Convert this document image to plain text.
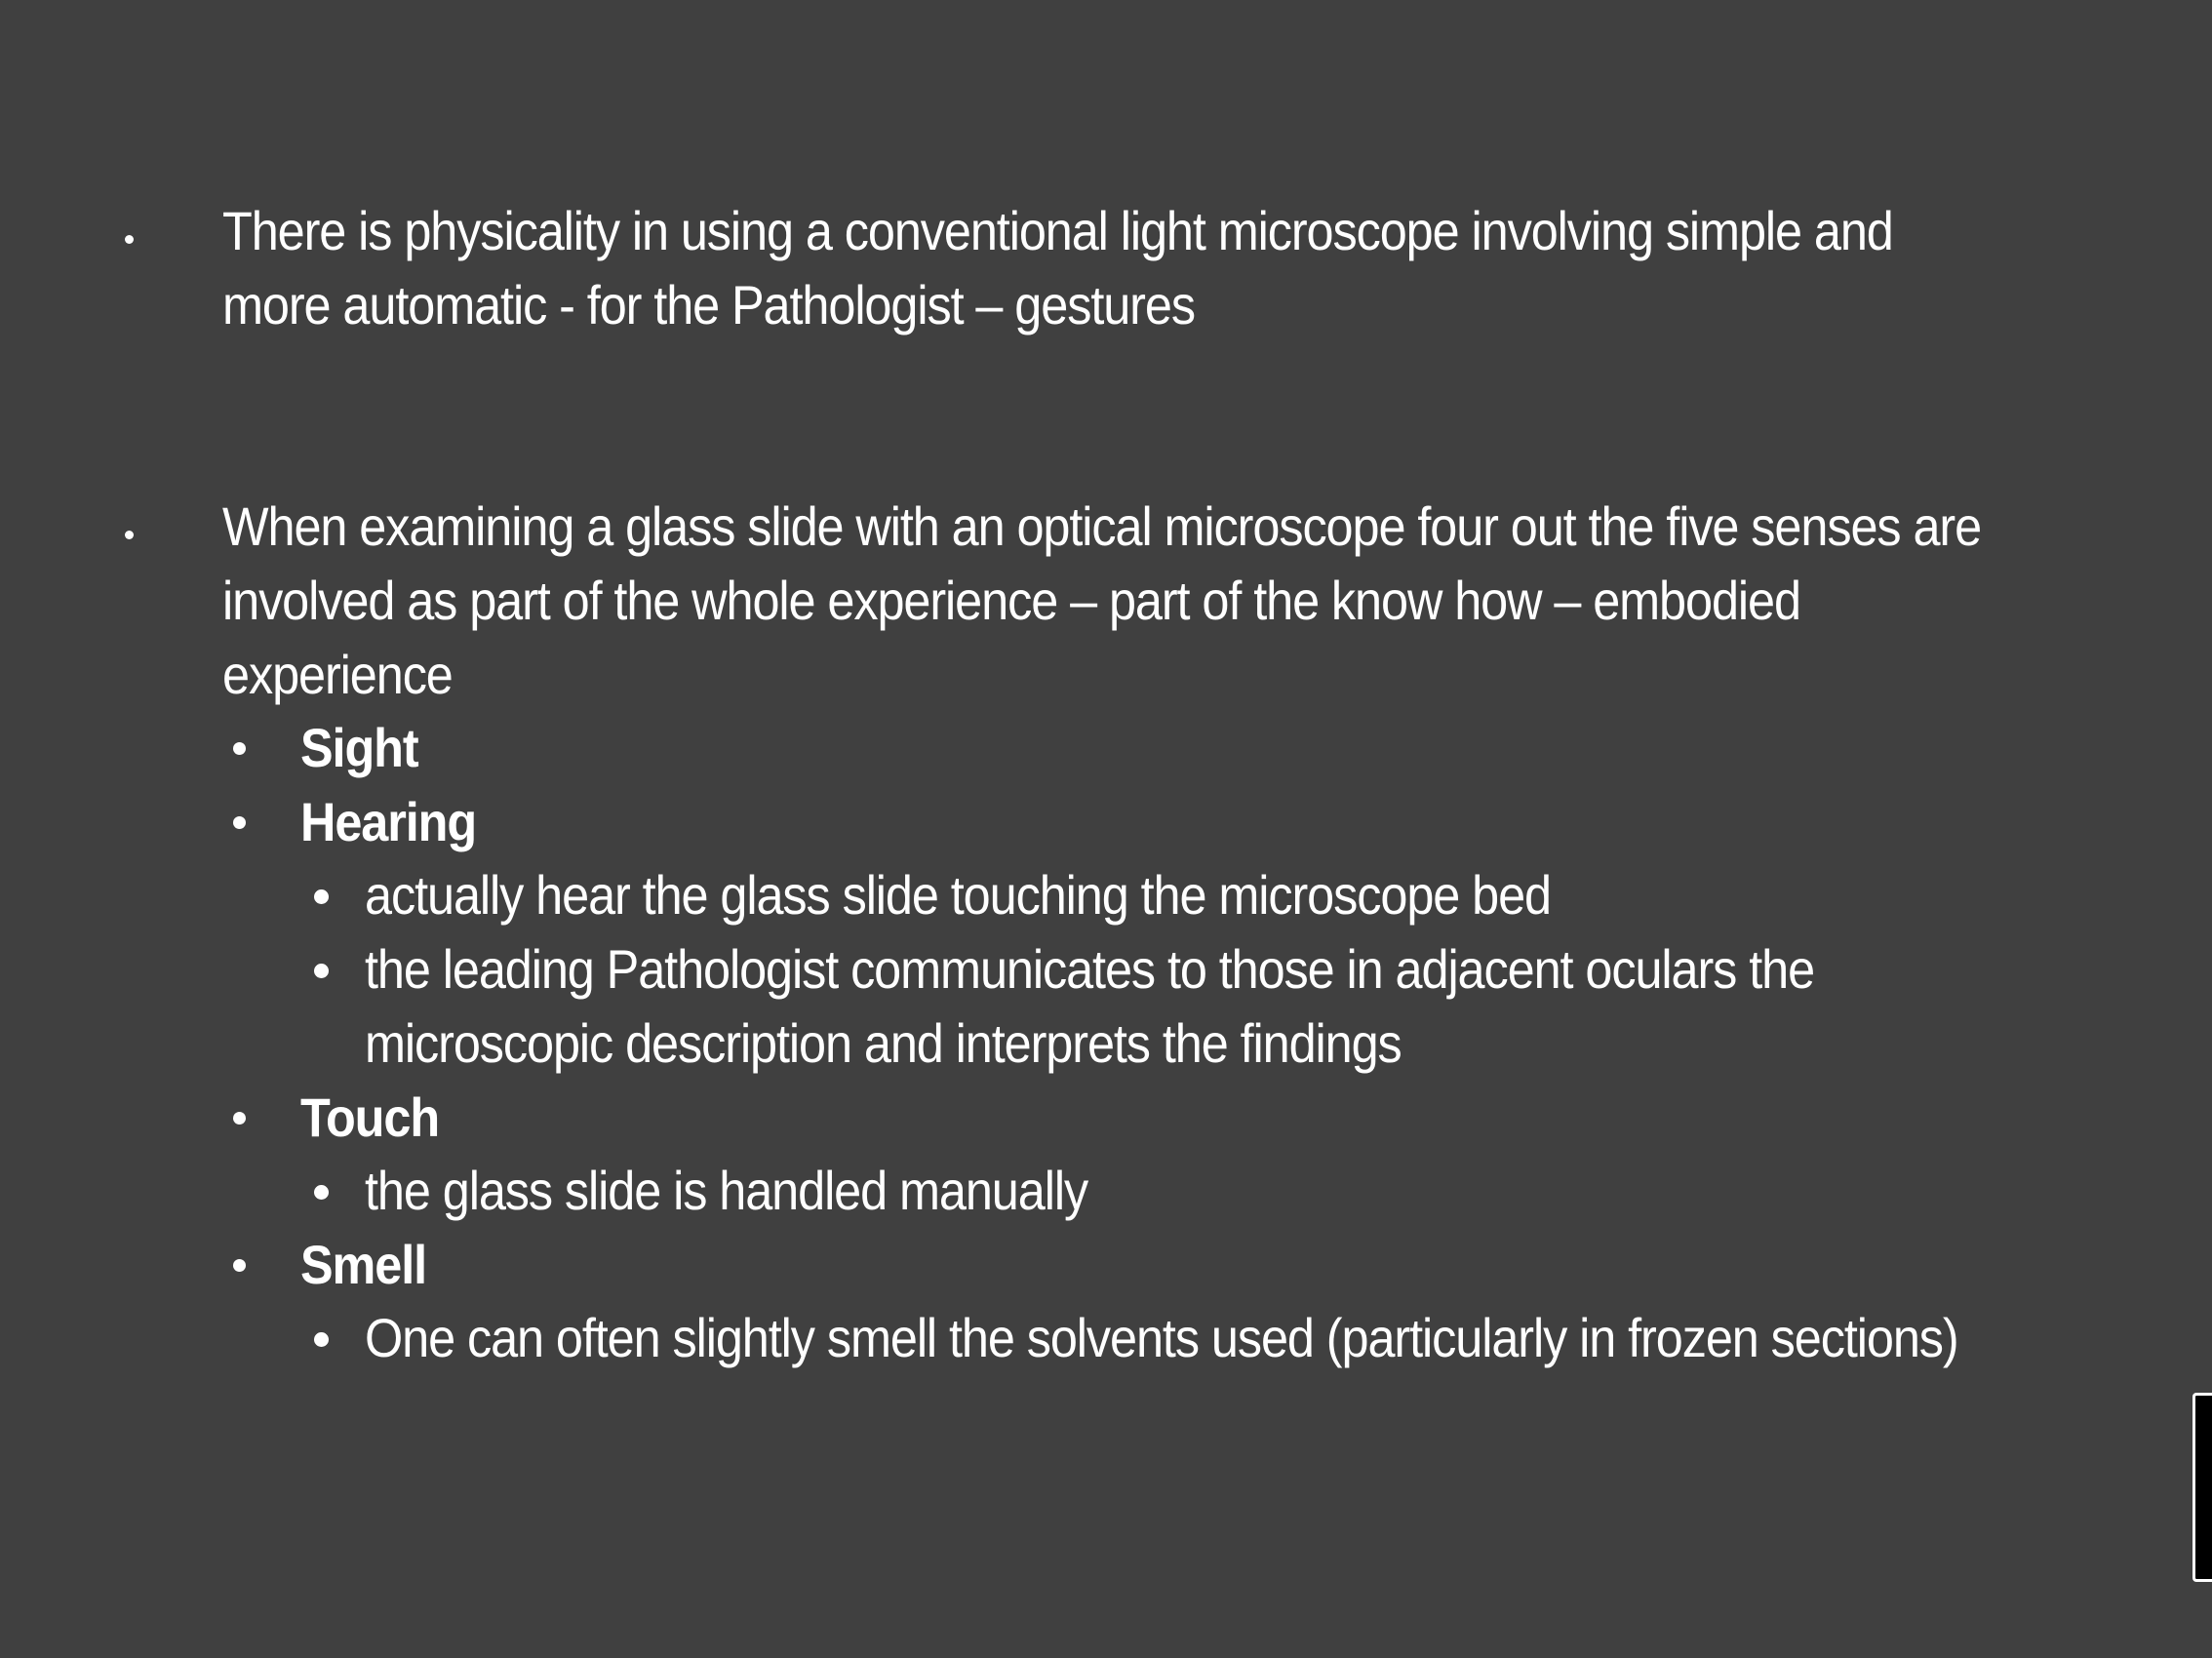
There is physicality in using a conventional light microscope involving simple and
more automatic - for the Pathologist – gestures
When examining a glass slide with an optical microscope four out the five senses are
involved as part of the whole experience – part of the know how – embodied
experience
Sight
Hearing
actually hear the glass slide touching the microscope bed
the leading Pathologist communicates to those in adjacent oculars the
microscopic description and interprets the findings
Touch
the glass slide is handled manually
Smell
One can often slightly smell the solvents used (particularly in frozen sections)
